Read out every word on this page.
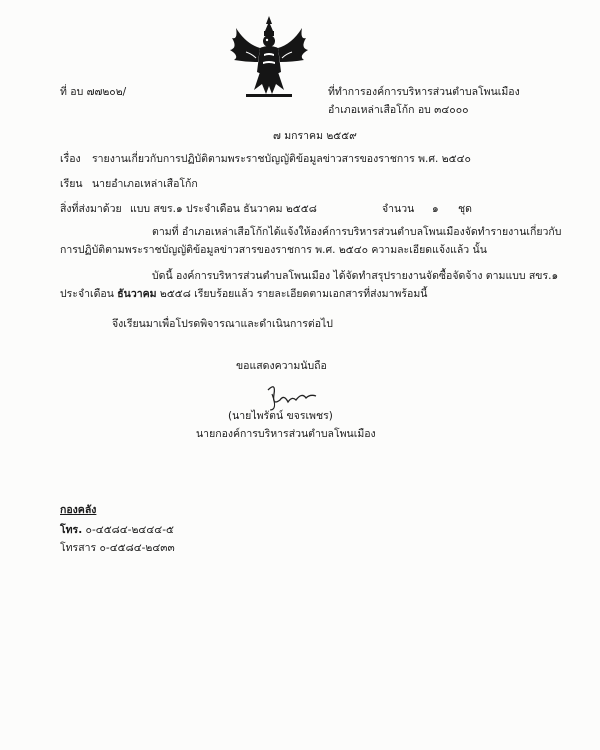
ที่ อบ ๗๗๒๐๒/	ที่ทำการองค์การบริหารส่วนตำบลโพนเมือง
อำเภอเหล่าเสือโก้ก อบ ๓๔๐๐๐
๗ มกราคม ๒๕๕๙
เรื่อง รายงานเกี่ยวกับการปฏิบัติตามพระราชบัญญัติข้อมูลข่าวสารของราชการ พ.ศ. ๒๕๔๐
เรียน นายอำเภอเหล่าเสือโก้ก
สิ่งที่ส่งมาด้วย แบบ สขร.๑ ประจำเดือน ธันวาคม ๒๕๕๘	จำนวน ๑ ชุด
ตามที่ อำเภอเหล่าเสือโก้กได้แจ้งให้องค์การบริหารส่วนตำบลโพนเมืองจัดทำรายงานเกี่ยวกับ
การปฏิบัติตามพระราชบัญญัติข้อมูลข่าวสารของราชการ พ.ศ. ๒๕๔๐ ความละเอียดแจ้งแล้ว นั้น
บัดนี้ องค์การบริหารส่วนตำบลโพนเมือง ได้จัดทำสรุปรายงานจัดซื้อจัดจ้าง ตามแบบ สขร.๑
ประจำเดือน ธันวาคม ๒๕๕๘ เรียบร้อยแล้ว รายละเอียดตามเอกสารที่ส่งมาพร้อมนี้
จึงเรียนมาเพื่อโปรดพิจารณาและดำเนินการต่อไป
ขอแสดงความนับถือ
(นายไพรัตน์ ขจรเพชร)
นายกองค์การบริหารส่วนตำบลโพนเมือง
กองคลัง
โทร. ๐-๔๕๘๔-๒๔๔๔-๕
โทรสาร ๐-๔๕๘๔-๒๔๓๓
